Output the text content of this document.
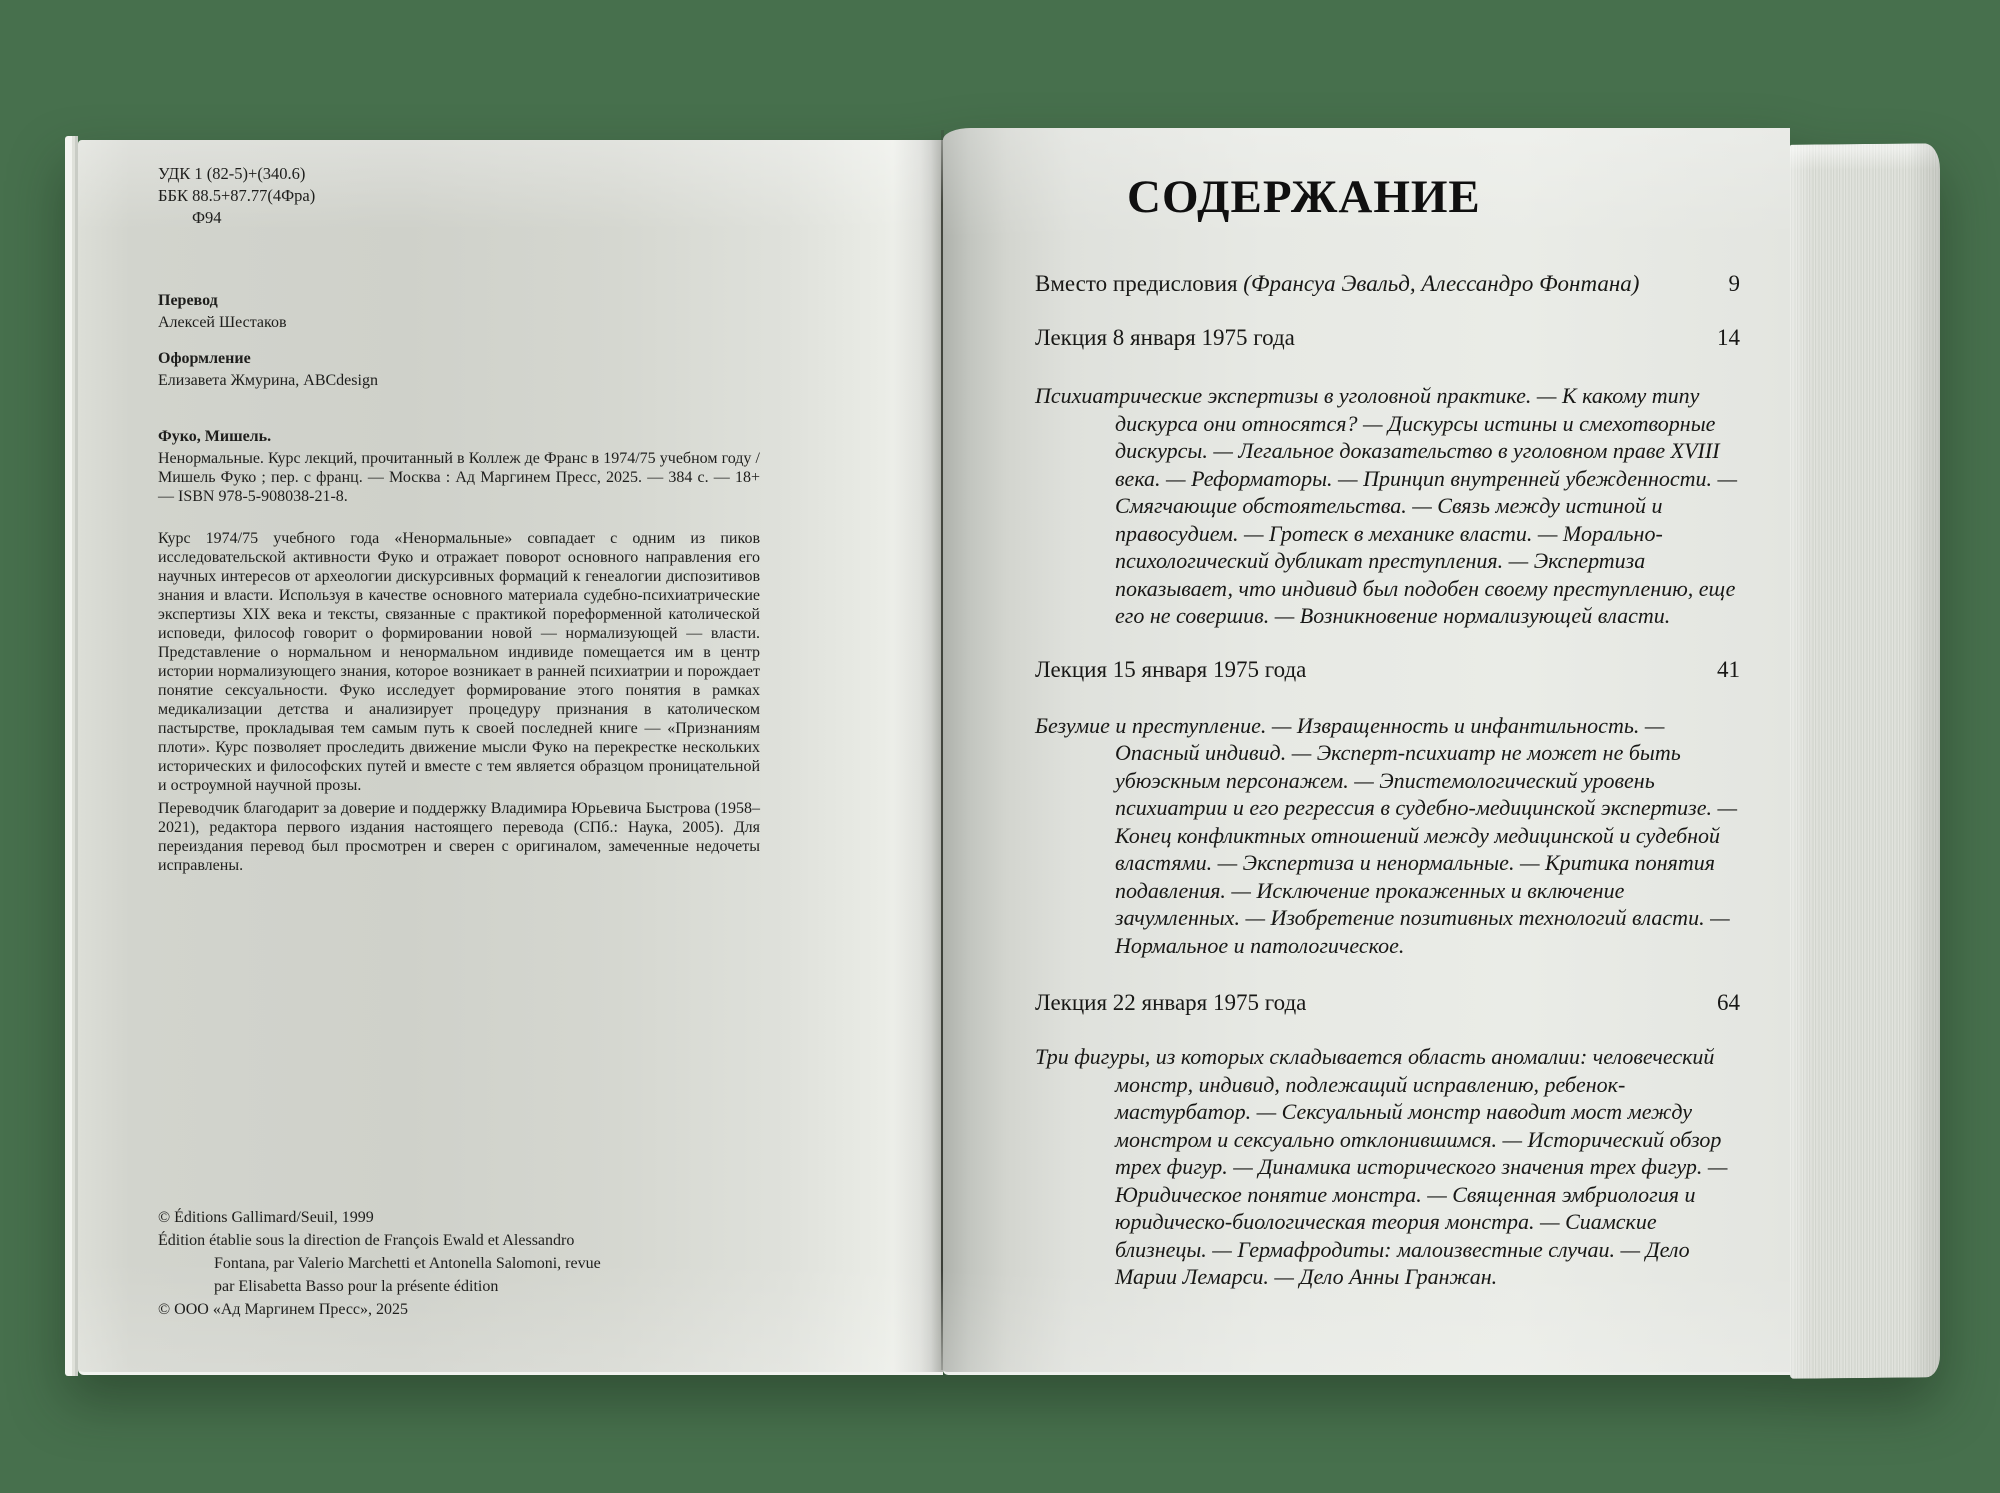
УДК 1 (82-5)+(340.6)
ББК 88.5+87.77(4Фра)
Ф94
Перевод
Алексей Шестаков
Оформление
Елизавета Жмурина, ABCdesign
Фуко, Мишель.
Ненормальные. Курс лекций, прочитанный в Коллеж де Франс в 1974/75 учебном году / Мишель Фуко ; пер. с франц. — Москва : Ад Маргинем Пресс, 2025. — 384 с. — 18+ — ISBN 978-5-908038-21-8.
Курс 1974/75 учебного года «Ненормальные» совпадает с одним из пиков исследовательской активности Фуко и отражает поворот основного направления его научных интересов от археологии дискурсивных формаций к генеалогии диспозитивов знания и власти. Используя в качестве основного материала судебно-психиатрические экспертизы XIX века и тексты, связанные с практикой пореформенной католической исповеди, философ говорит о формировании новой — нормализующей — власти. Представление о нормальном и ненормальном индивиде помещается им в центр истории нормализующего знания, которое возникает в ранней психиатрии и порождает понятие сексуальности. Фуко исследует формирование этого понятия в рамках медикализации детства и анализирует процедуру признания в католическом пастырстве, прокладывая тем самым путь к своей последней книге — «Признаниям плоти». Курс позволяет проследить движение мысли Фуко на перекрестке нескольких исторических и философских путей и вместе с тем является образцом проницательной и остроумной научной прозы.
Переводчик благодарит за доверие и поддержку Владимира Юрьевича Быстрова (1958–2021), редактора первого издания настоящего перевода (СПб.: Наука, 2005). Для переиздания перевод был просмотрен и сверен с оригиналом, замеченные недочеты исправлены.
© Éditions Gallimard/Seuil, 1999
Édition établie sous la direction de François Ewald et Alessandro
Fontana, par Valerio Marchetti et Antonella Salomoni, revue
par Elisabetta Basso pour la présente édition
© ООО «Ад Маргинем Пресс», 2025
СОДЕРЖАНИЕ
Вместо предисловия (Франсуа Эвальд, Алессандро Фонтана)	9
Лекция 8 января 1975 года	14
Психиатрические экспертизы в уголовной практике. — К какому типу дискурса они относятся? — Дискурсы истины и смехотворные дискурсы. — Легальное доказательство в уголовном праве XVIII века. — Реформаторы. — Принцип внутренней убежденности. — Смягчающие обстоятельства. — Связь между истиной и правосудием. — Гротеск в механике власти. — Морально-психологический дубликат преступления. — Экспертиза показывает, что индивид был подобен своему преступлению, еще его не совершив. — Возникновение нормализующей власти.
Лекция 15 января 1975 года	41
Безумие и преступление. — Извращенность и инфантильность. — Опасный индивид. — Эксперт-психиатр не может не быть убюэскным персонажем. — Эпистемологический уровень психиатрии и его регрессия в судебно-медицинской экспертизе. — Конец конфликтных отношений между медицинской и судебной властями. — Экспертиза и ненормальные. — Критика понятия подавления. — Исключение прокаженных и включение зачумленных. — Изобретение позитивных технологий власти. — Нормальное и патологическое.
Лекция 22 января 1975 года	64
Три фигуры, из которых складывается область аномалии: человеческий монстр, индивид, подлежащий исправлению, ребенок-мастурбатор. — Сексуальный монстр наводит мост между монстром и сексуально отклонившимся. — Исторический обзор трех фигур. — Динамика исторического значения трех фигур. — Юридическое понятие монстра. — Священная эмбриология и юридическо-биологическая теория монстра. — Сиамские близнецы. — Гермафродиты: малоизвестные случаи. — Дело Марии Лемарси. — Дело Анны Гранжан.
